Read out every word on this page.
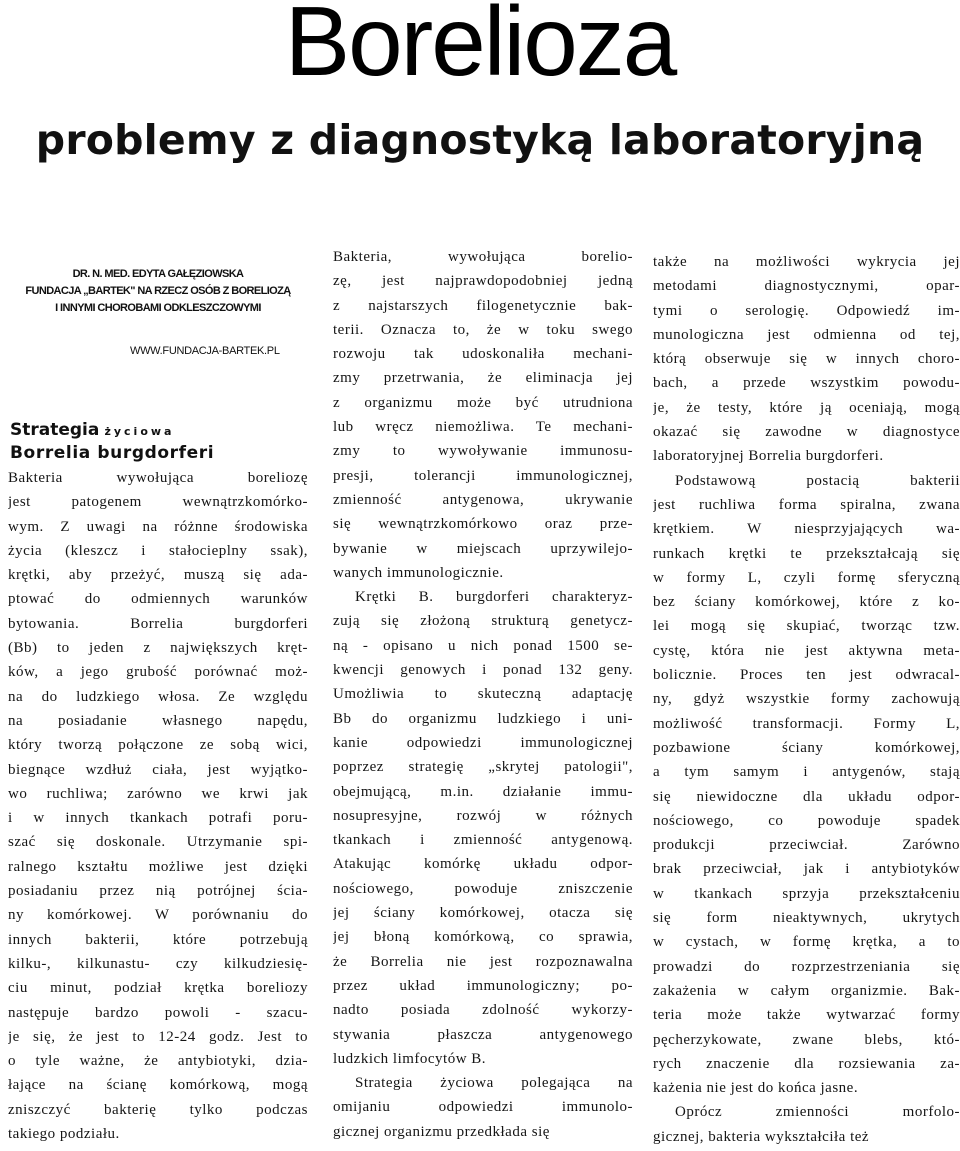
Borelioza
problemy z diagnostyką laboratoryjną
DR. N. MED. EDYTA GAŁĘZIOWSKA
FUNDACJA „BARTEK" NA RZECZ OSÓB Z BORELIOZĄ
I INNYMI CHOROBAMI ODKLESZCZOWYMI
WWW.FUNDACJA-BARTEK.PL
Strategia życiowa
Borrelia burgdorferi
Bakteria wywołująca boreliozę
jest patogenem wewnątrzkomórko-
wym. Z uwagi na różnne środowiska
życia (kleszcz i stałocieplny ssak),
krętki, aby przeżyć, muszą się ada-
ptować do odmiennych warunków
bytowania. Borrelia burgdorferi
(Bb) to jeden z największych kręt-
ków, a jego grubość porównać moż-
na do ludzkiego włosa. Ze względu
na posiadanie własnego napędu,
który tworzą połączone ze sobą wici,
biegnące wzdłuż ciała, jest wyjątko-
wo ruchliwa; zarówno we krwi jak
i w innych tkankach potrafi poru-
szać się doskonale. Utrzymanie spi-
ralnego kształtu możliwe jest dzięki
posiadaniu przez nią potrójnej ścia-
ny komórkowej. W porównaniu do
innych bakterii, które potrzebują
kilku-, kilkunastu- czy kilkudziesię-
ciu minut, podział krętka boreliozy
następuje bardzo powoli - szacu-
je się, że jest to 12-24 godz. Jest to
o tyle ważne, że antybiotyki, dzia-
łające na ścianę komórkową, mogą
zniszczyć bakterię tylko podczas
takiego podziału.
Bakteria, wywołująca borelio-
zę, jest najprawdopodobniej jedną
z najstarszych filogenetycznie bak-
terii. Oznacza to, że w toku swego
rozwoju tak udoskonaliła mechani-
zmy przetrwania, że eliminacja jej
z organizmu może być utrudniona
lub wręcz niemożliwa. Te mechani-
zmy to wywoływanie immunosu-
presji, tolerancji immunologicznej,
zmienność antygenowa, ukrywanie
się wewnątrzkomórkowo oraz prze-
bywanie w miejscach uprzywilejo-
wanych immunologicznie.
Krętki B. burgdorferi charakteryz-
zują się złożoną strukturą genetycz-
ną - opisano u nich ponad 1500 se-
kwencji genowych i ponad 132 geny.
Umożliwia to skuteczną adaptację
Bb do organizmu ludzkiego i uni-
kanie odpowiedzi immunologicznej
poprzez strategię „skrytej patologii",
obejmującą, m.in. działanie immu-
nosupresyjne, rozwój w różnych
tkankach i zmienność antygenową.
Atakując komórkę układu odpor-
nościowego, powoduje zniszczenie
jej ściany komórkowej, otacza się
jej błoną komórkową, co sprawia,
że Borrelia nie jest rozpoznawalna
przez układ immunologiczny; po-
nadto posiada zdolność wykorzy-
stywania płaszcza antygenowego
ludzkich limfocytów B.
Strategia życiowa polegająca na
omijaniu odpowiedzi immunolo-
gicznej organizmu przedkłada się
także na możliwości wykrycia jej
metodami diagnostycznymi, opar-
tymi o serologię. Odpowiedź im-
munologiczna jest odmienna od tej,
którą obserwuje się w innych choro-
bach, a przede wszystkim powodu-
je, że testy, które ją oceniają, mogą
okazać się zawodne w diagnostyce
laboratoryjnej Borrelia burgdorferi.
Podstawową postacią bakterii
jest ruchliwa forma spiralna, zwana
krętkiem. W niesprzyjających wa-
runkach krętki te przekształcają się
w formy L, czyli formę sferyczną
bez ściany komórkowej, które z ko-
lei mogą się skupiać, tworząc tzw.
cystę, która nie jest aktywna meta-
bolicznie. Proces ten jest odwracal-
ny, gdyż wszystkie formy zachowują
możliwość transformacji. Formy L,
pozbawione ściany komórkowej,
a tym samym i antygenów, stają
się niewidoczne dla układu odpor-
nościowego, co powoduje spadek
produkcji przeciwciał. Zarówno
brak przeciwciał, jak i antybiotyków
w tkankach sprzyja przekształceniu
się form nieaktywnych, ukrytych
w cystach, w formę krętka, a to
prowadzi do rozprzestrzeniania się
zakażenia w całym organizmie. Bak-
teria może także wytwarzać formy
pęcherzykowate, zwane blebs, któ-
rych znaczenie dla rozsiewania za-
każenia nie jest do końca jasne.
Oprócz zmienności morfolo-
gicznej, bakteria wykształciła też
